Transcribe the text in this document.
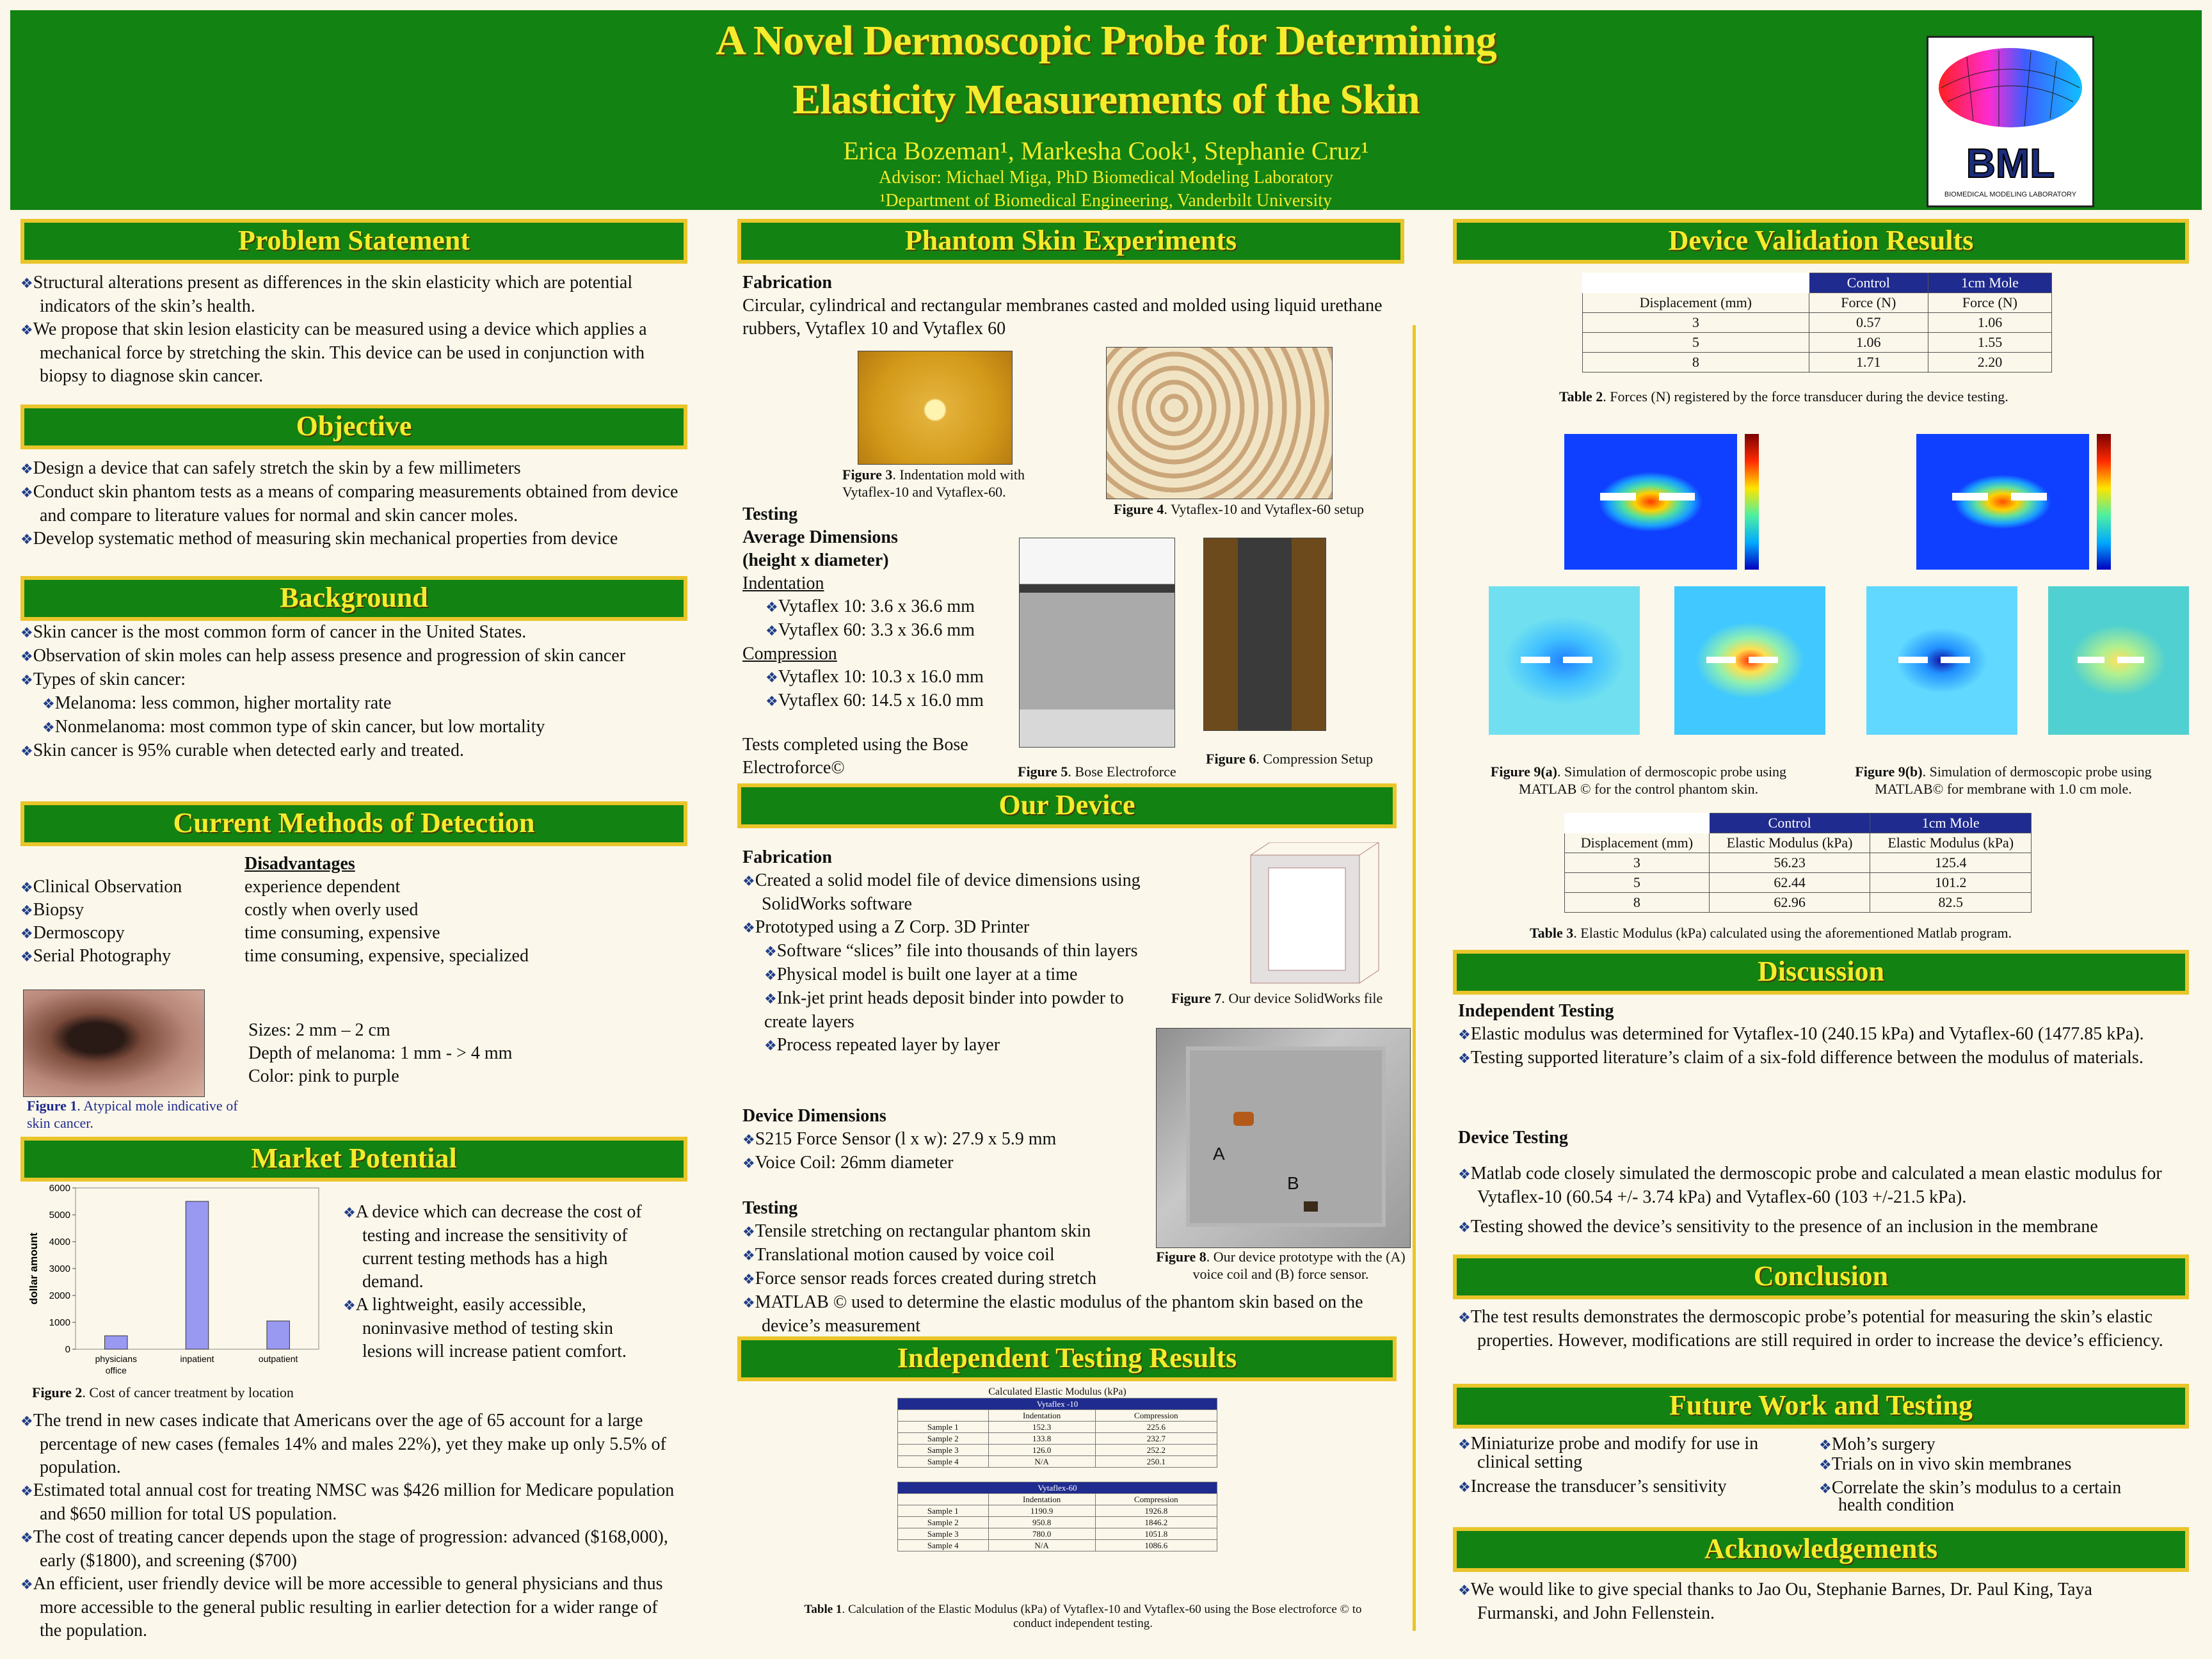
A Novel Dermoscopic Probe for Determining
Elasticity Measurements of the Skin
Erica Bozeman¹, Markesha Cook¹, Stephanie Cruz¹
Advisor: Michael Miga, PhD Biomedical Modeling Laboratory
¹Department of Biomedical Engineering, Vanderbilt University
BML
BIOMEDICAL MODELING LABORATORY
Problem Statement
❖ Structural alterations present as differences in the skin elasticity which are potential indicators of the skin’s health.
❖ We propose that skin lesion elasticity can be measured using a device which applies a mechanical force by stretching the skin. This device can be used in conjunction with biopsy to diagnose skin cancer.
Objective
❖ Design a device that can safely stretch the skin by a few millimeters
❖ Conduct skin phantom tests as a means of comparing measurements obtained from device and compare to literature values for normal and skin cancer moles.
❖ Develop systematic method of measuring skin mechanical properties from device
Background
❖ Skin cancer is the most common form of cancer in the United States.
❖ Observation of skin moles can help assess presence and progression of skin cancer
❖ Types of skin cancer:
❖ Melanoma: less common, higher mortality rate
❖ Nonmelanoma: most common type of skin cancer, but low mortality
❖ Skin cancer is 95% curable when detected early and treated.
Current Methods of Detection
Disadvantages
❖ Clinical Observation	experience dependent
❖ Biopsy	costly when overly used
❖ Dermoscopy	time consuming, expensive
❖ Serial Photography	time consuming, expensive, specialized
Sizes: 2 mm – 2 cm
Depth of melanoma: 1 mm - > 4 mm
Color: pink to purple
Figure 1. Atypical mole indicative of skin cancer.
Market Potential
0
1000
2000
3000
4000
5000
6000
dollar amount
physicians
office
inpatient	outpatient
Figure 2. Cost of cancer treatment by location
❖ A device which can decrease the cost of testing and increase the sensitivity of current testing methods has a high demand.
❖ A lightweight, easily accessible, noninvasive method of testing skin lesions will increase patient comfort.
❖ The trend in new cases indicate that Americans over the age of 65 account for a large percentage of new cases (females 14% and males 22%), yet they make up only 5.5% of population.
❖ Estimated total annual cost for treating NMSC was $426 million for Medicare population and $650 million for total US population.
❖ The cost of treating cancer depends upon the stage of progression: advanced ($168,000), early ($1800), and screening ($700)
❖ An efficient, user friendly device will be more accessible to general physicians and thus more accessible to the general public resulting in earlier detection for a wider range of the population.
Phantom Skin Experiments
Fabrication
Circular, cylindrical and rectangular membranes casted and molded using liquid urethane rubbers, Vytaflex 10 and Vytaflex 60
Figure 3. Indentation mold with Vytaflex-10 and Vytaflex-60.
Figure 4. Vytaflex-10 and Vytaflex-60 setup
Testing
Average Dimensions (height x diameter)
Indentation
❖ Vytaflex 10: 3.6 x 36.6 mm
❖ Vytaflex 60: 3.3 x 36.6 mm
Compression
❖ Vytaflex 10: 10.3 x 16.0 mm
❖ Vytaflex 60: 14.5 x 16.0 mm
Tests completed using the Bose Electroforce©	Figure 5. Bose Electroforce
Figure 6. Compression Setup
Our Device
Fabrication
❖ Created a solid model file of device dimensions using SolidWorks software
❖ Prototyped using a Z Corp. 3D Printer
❖ Software “slices” file into thousands of thin layers
❖ Physical model is built one layer at a time
❖ Ink-jet print heads deposit binder into powder to create layers
❖ Process repeated layer by layer
Figure 7. Our device SolidWorks file
Device Dimensions
❖ S215 Force Sensor (l x w): 27.9 x 5.9 mm
❖ Voice Coil: 26mm diameter
Testing
❖ Tensile stretching on rectangular phantom skin
❖ Translational motion caused by voice coil
❖ Force sensor reads forces created during stretch
❖ MATLAB © used to determine the elastic modulus of the phantom skin based on the device’s measurement
A
B
Figure 8. Our device prototype with the (A) voice coil and (B) force sensor.
Independent Testing Results
Calculated Elastic Modulus (kPa)
Vytaflex -10		
	Indentation	Compression
Sample 1	152.3	225.6
Sample 2	133.8	232.7
Sample 3	126.0	252.2
Sample 4	N/A	250.1
Vytaflex-60		
	Indentation	Compression
Sample 1	1190.9	1926.8
Sample 2	950.8	1846.2
Sample 3	780.0	1051.8
Sample 4	N/A	1086.6
Table 1. Calculation of the Elastic Modulus (kPa) of Vytaflex-10 and Vytaflex-60 using the Bose electroforce © to conduct independent testing.
Device Validation Results
	Control	1cm Mole
Displacement (mm)	Force (N)	Force (N)
3	0.57	1.06
5	1.06	1.55
8	1.71	2.20
Table 2. Forces (N) registered by the force transducer during the device testing.
Figure 9(a). Simulation of dermoscopic probe using MATLAB © for the control phantom skin.
Figure 9(b). Simulation of dermoscopic probe using MATLAB© for membrane with 1.0 cm mole.
	Control	1cm Mole
Displacement (mm)	Elastic Modulus (kPa)	Elastic Modulus (kPa)
3	56.23	125.4
5	62.44	101.2
8	62.96	82.5
Table 3. Elastic Modulus (kPa) calculated using the aforementioned Matlab program.
Discussion
Independent Testing
❖ Elastic modulus was determined for Vytaflex-10 (240.15 kPa) and Vytaflex-60 (1477.85 kPa).
❖ Testing supported literature’s claim of a six-fold difference between the modulus of materials.
Device Testing
❖ Matlab code closely simulated the dermoscopic probe and calculated a mean elastic modulus for Vytaflex-10 (60.54 +/- 3.74 kPa) and Vytaflex-60 (103 +/-21.5 kPa).
❖ Testing showed the device’s sensitivity to the presence of an inclusion in the membrane
Conclusion
❖ The test results demonstrates the dermoscopic probe’s potential for measuring the skin’s elastic properties. However, modifications are still required in order to increase the device’s efficiency.
Future Work and Testing
❖ Miniaturize probe and modify for use in clinical setting
❖ Increase the transducer’s sensitivity
❖ Moh’s surgery
❖ Trials on in vivo skin membranes
❖ Correlate the skin’s modulus to a certain health condition
Acknowledgements
❖ We would like to give special thanks to Jao Ou, Stephanie Barnes, Dr. Paul King, Taya Furmanski, and John Fellenstein.
